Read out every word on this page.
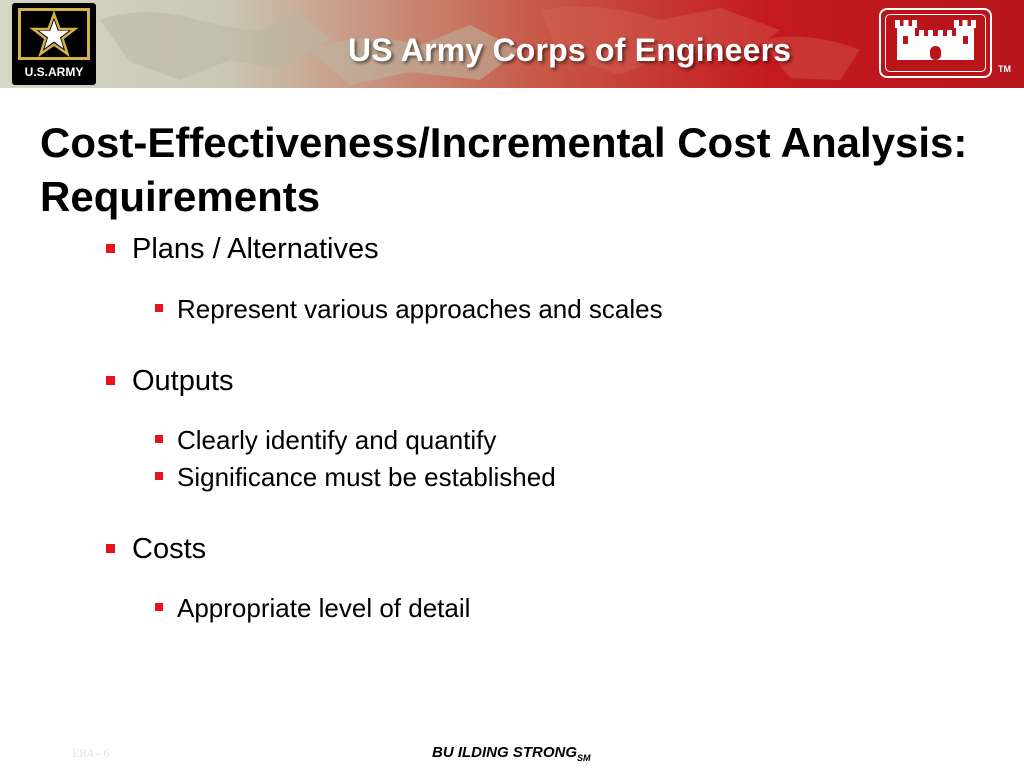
U.S.ARMY
US Army Corps of Engineers
TM
Cost-Effectiveness/Incremental Cost Analysis: Requirements
Plans / Alternatives
Represent various approaches and scales
Outputs
Clearly identify and quantify
Significance must be established
Costs
Appropriate level of detail
ER4 - 6	BU ILDING $STRONG_{SM}$
